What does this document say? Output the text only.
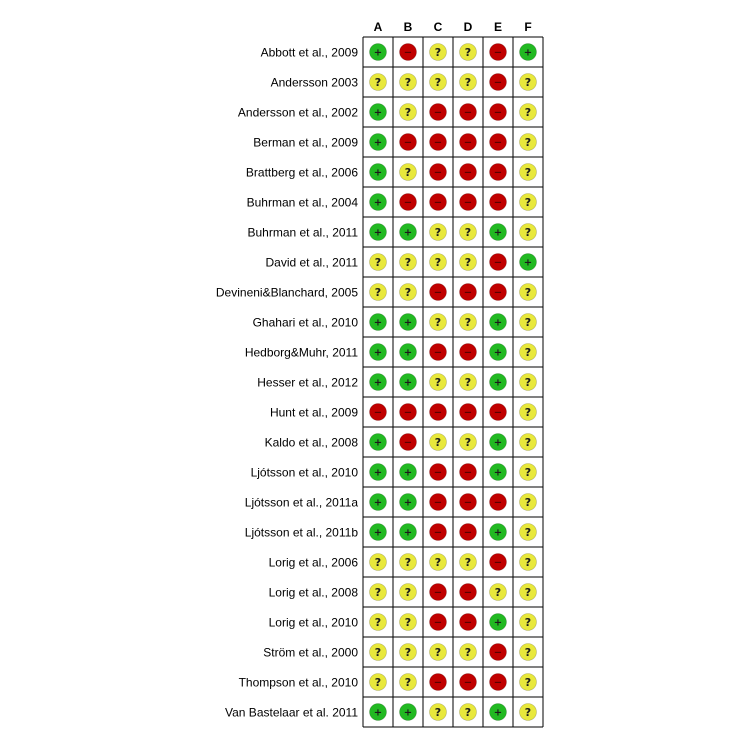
A B C D E F
Abbott et al., 2009
Andersson 2003
Andersson et al., 2002
Berman et al., 2009
Brattberg et al., 2006
Buhrman et al., 2004
Buhrman et al., 2011
David et al., 2011
Devineni&Blanchard, 2005
Ghahari et al., 2010
Hedborg&Muhr, 2011
Hesser et al., 2012
Hunt et al., 2009
Kaldo et al., 2008
Ljótsson et al., 2010
Ljótsson et al., 2011a
Ljótsson et al., 2011b
Lorig et al., 2006
Lorig et al., 2008
Lorig et al., 2010
Ström et al., 2000
Thompson et al., 2010
Van Bastelaar et al. 2011
+ − ? ? − +
? ? ? ? − ?
+ ? − − − ?
+ − − − − ?
+ ? − − − ?
+ − − − − ?
+ + ? ? + ?
? ? ? ? − +
? ? − − − ?
+ + ? ? + ?
+ + − − + ?
+ + ? ? + ?
− − − − − ?
+ − ? ? + ?
+ + − − + ?
+ + − − − ?
+ + − − + ?
? ? ? ? − ?
? ? − − ? ?
? ? − − + ?
? ? ? ? − ?
? ? − − − ?
+ + ? ? + ?
